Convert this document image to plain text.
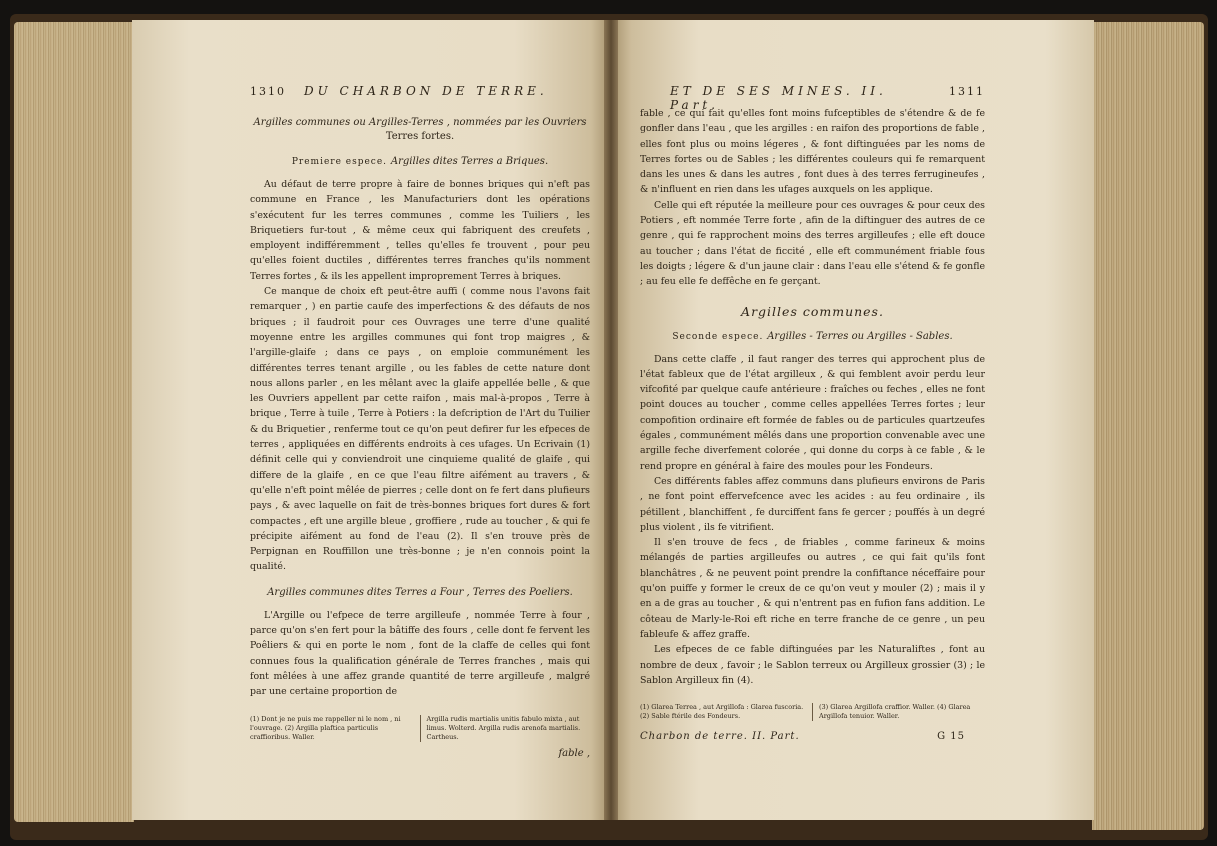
1310 DU CHARBON DE TERRE.
Argilles communes ou Argilles-Terres , nommées par les Ouvriers
Terres fortes.
Premiere espece. Argilles dites Terres a Briques.

Au défaut de terre propre à faire de bonnes briques qui n'eft pas commune en France , les Manufacturiers dont les opérations s'exécutent fur les terres communes , comme les Tuiliers , les Briquetiers fur-tout , & même ceux qui fabriquent des creufets , employent indifféremment , telles qu'elles fe trouvent , pour peu qu'elles foient ductiles , différentes terres franches qu'ils nomment Terres fortes , & ils les appellent improprement Terres à briques.

Ce manque de choix eft peut-être auffi ( comme nous l'avons fait remarquer , ) en partie caufe des imperfections & des défauts de nos briques ; il faudroit pour ces Ouvrages une terre d'une qualité moyenne entre les argilles communes qui font trop maigres , & l'argille-glaife ; dans ce pays , on emploie communément les différentes terres tenant argille , ou les fables de cette nature dont nous allons parler , en les mêlant avec la glaife appellée belle , & que les Ouvriers appellent par cette raifon , mais mal-à-propos , Terre à brique , Terre à tuile , Terre à Potiers : la defcription de l'Art du Tuilier & du Briquetier , renferme tout ce qu'on peut defirer fur les efpeces de terres , appliquées en différents endroits à ces ufages. Un Ecrivain (1) définit celle qui y conviendroit une cinquieme qualité de glaife , qui differe de la glaife , en ce que l'eau filtre aifément au travers , & qu'elle n'eft point mêlée de pierres ; celle dont on fe fert dans plufieurs pays , & avec laquelle on fait de très-bonnes briques fort dures & fort compactes , eft une argille bleue , groffiere , rude au toucher , & qui fe précipite aifément au fond de l'eau (2). Il s'en trouve près de Perpignan en Rouffillon une très-bonne ; je n'en connois point la qualité.

Argilles communes dites Terres a Four , Terres des Poeliers.

L'Argille ou l'efpece de terre argilleufe , nommée Terre à four , parce qu'on s'en fert pour la bâtiffe des fours , celle dont fe fervent les Poêliers & qui en porte le nom , font de la claffe de celles qui font connues fous la qualification générale de Terres franches , mais qui font mêlées à une affez grande quantité de terre argilleufe , malgré par une certaine proportion de

(1) Dont je ne puis me rappeller ni le nom , ni l'ouvrage. (2) Argilla plaftica particulis craffioribus. Waller.
Argilla rudis martialis unitis fabulo mixta , aut limus. Wolterd. Argilla rudis arenofa martialis. Cartheus.
fable ,
ET DE SES MINES. II. Part.
1311

fable , ce qui fait qu'elles font moins fufceptibles de s'étendre & de fe gonfler dans l'eau , que les argilles : en raifon des proportions de fable , elles font plus ou moins légeres , & font diftinguées par les noms de Terres fortes ou de Sables ; les différentes couleurs qui fe remarquent dans les unes & dans les autres , font dues à des terres ferrugineufes , & n'influent en rien dans les ufages auxquels on les applique.

Celle qui eft réputée la meilleure pour ces ouvrages & pour ceux des Potiers , eft nommée Terre forte , afin de la diftinguer des autres de ce genre , qui fe rapprochent moins des terres argilleufes ; elle eft douce au toucher ; dans l'état de ficcité , elle eft communément friable fous les doigts ; légere & d'un jaune clair : dans l'eau elle s'étend & fe gonfle ; au feu elle fe deffêche en fe gerçant.

Argilles communes.
Seconde espece. Argilles - Terres ou Argilles - Sables.

Dans cette claffe , il faut ranger des terres qui approchent plus de l'état fableux que de l'état argilleux , & qui femblent avoir perdu leur vifcofité par quelque caufe antérieure : fraîches ou feches , elles ne font point douces au toucher , comme celles appellées Terres fortes ; leur compofition ordinaire eft formée de fables ou de particules quartzeufes égales , communément mêlés dans une proportion convenable avec une argille feche diverfement colorée , qui donne du corps à ce fable , & le rend propre en général à faire des moules pour les Fondeurs.

Ces différents fables affez communs dans plufieurs environs de Paris , ne font point effervefcence avec les acides : au feu ordinaire , ils pétillent , blanchiffent , fe durciffent fans fe gercer ; pouffés à un degré plus violent , ils fe vitrifient.

Il s'en trouve de fecs , de friables , comme farineux & moins mélangés de parties argilleufes ou autres , ce qui fait qu'ils font blanchâtres , & ne peuvent point prendre la confiftance néceffaire pour qu'on puiffe y former le creux de ce qu'on veut y mouler (2) ; mais il y en a de gras au toucher , & qui n'entrent pas en fufion fans addition. Le côteau de Marly-le-Roi eft riche en terre franche de ce genre , un peu fableufe & affez graffe.

Les efpeces de ce fable diftinguées par les Naturaliftes , font au nombre de deux , favoir ; le Sablon terreux ou Argilleux grossier (3) ; le Sablon Argilleux fin (4).

(1) Glarea Terrea , aut Argillofa : Glarea fuscoria. (2) Sable ftérile des Fondeurs.
(3) Glarea Argillofa craffior. Waller. (4) Glarea Argillofa tenuior. Waller.
Charbon de terre. II. Part.	G 15
